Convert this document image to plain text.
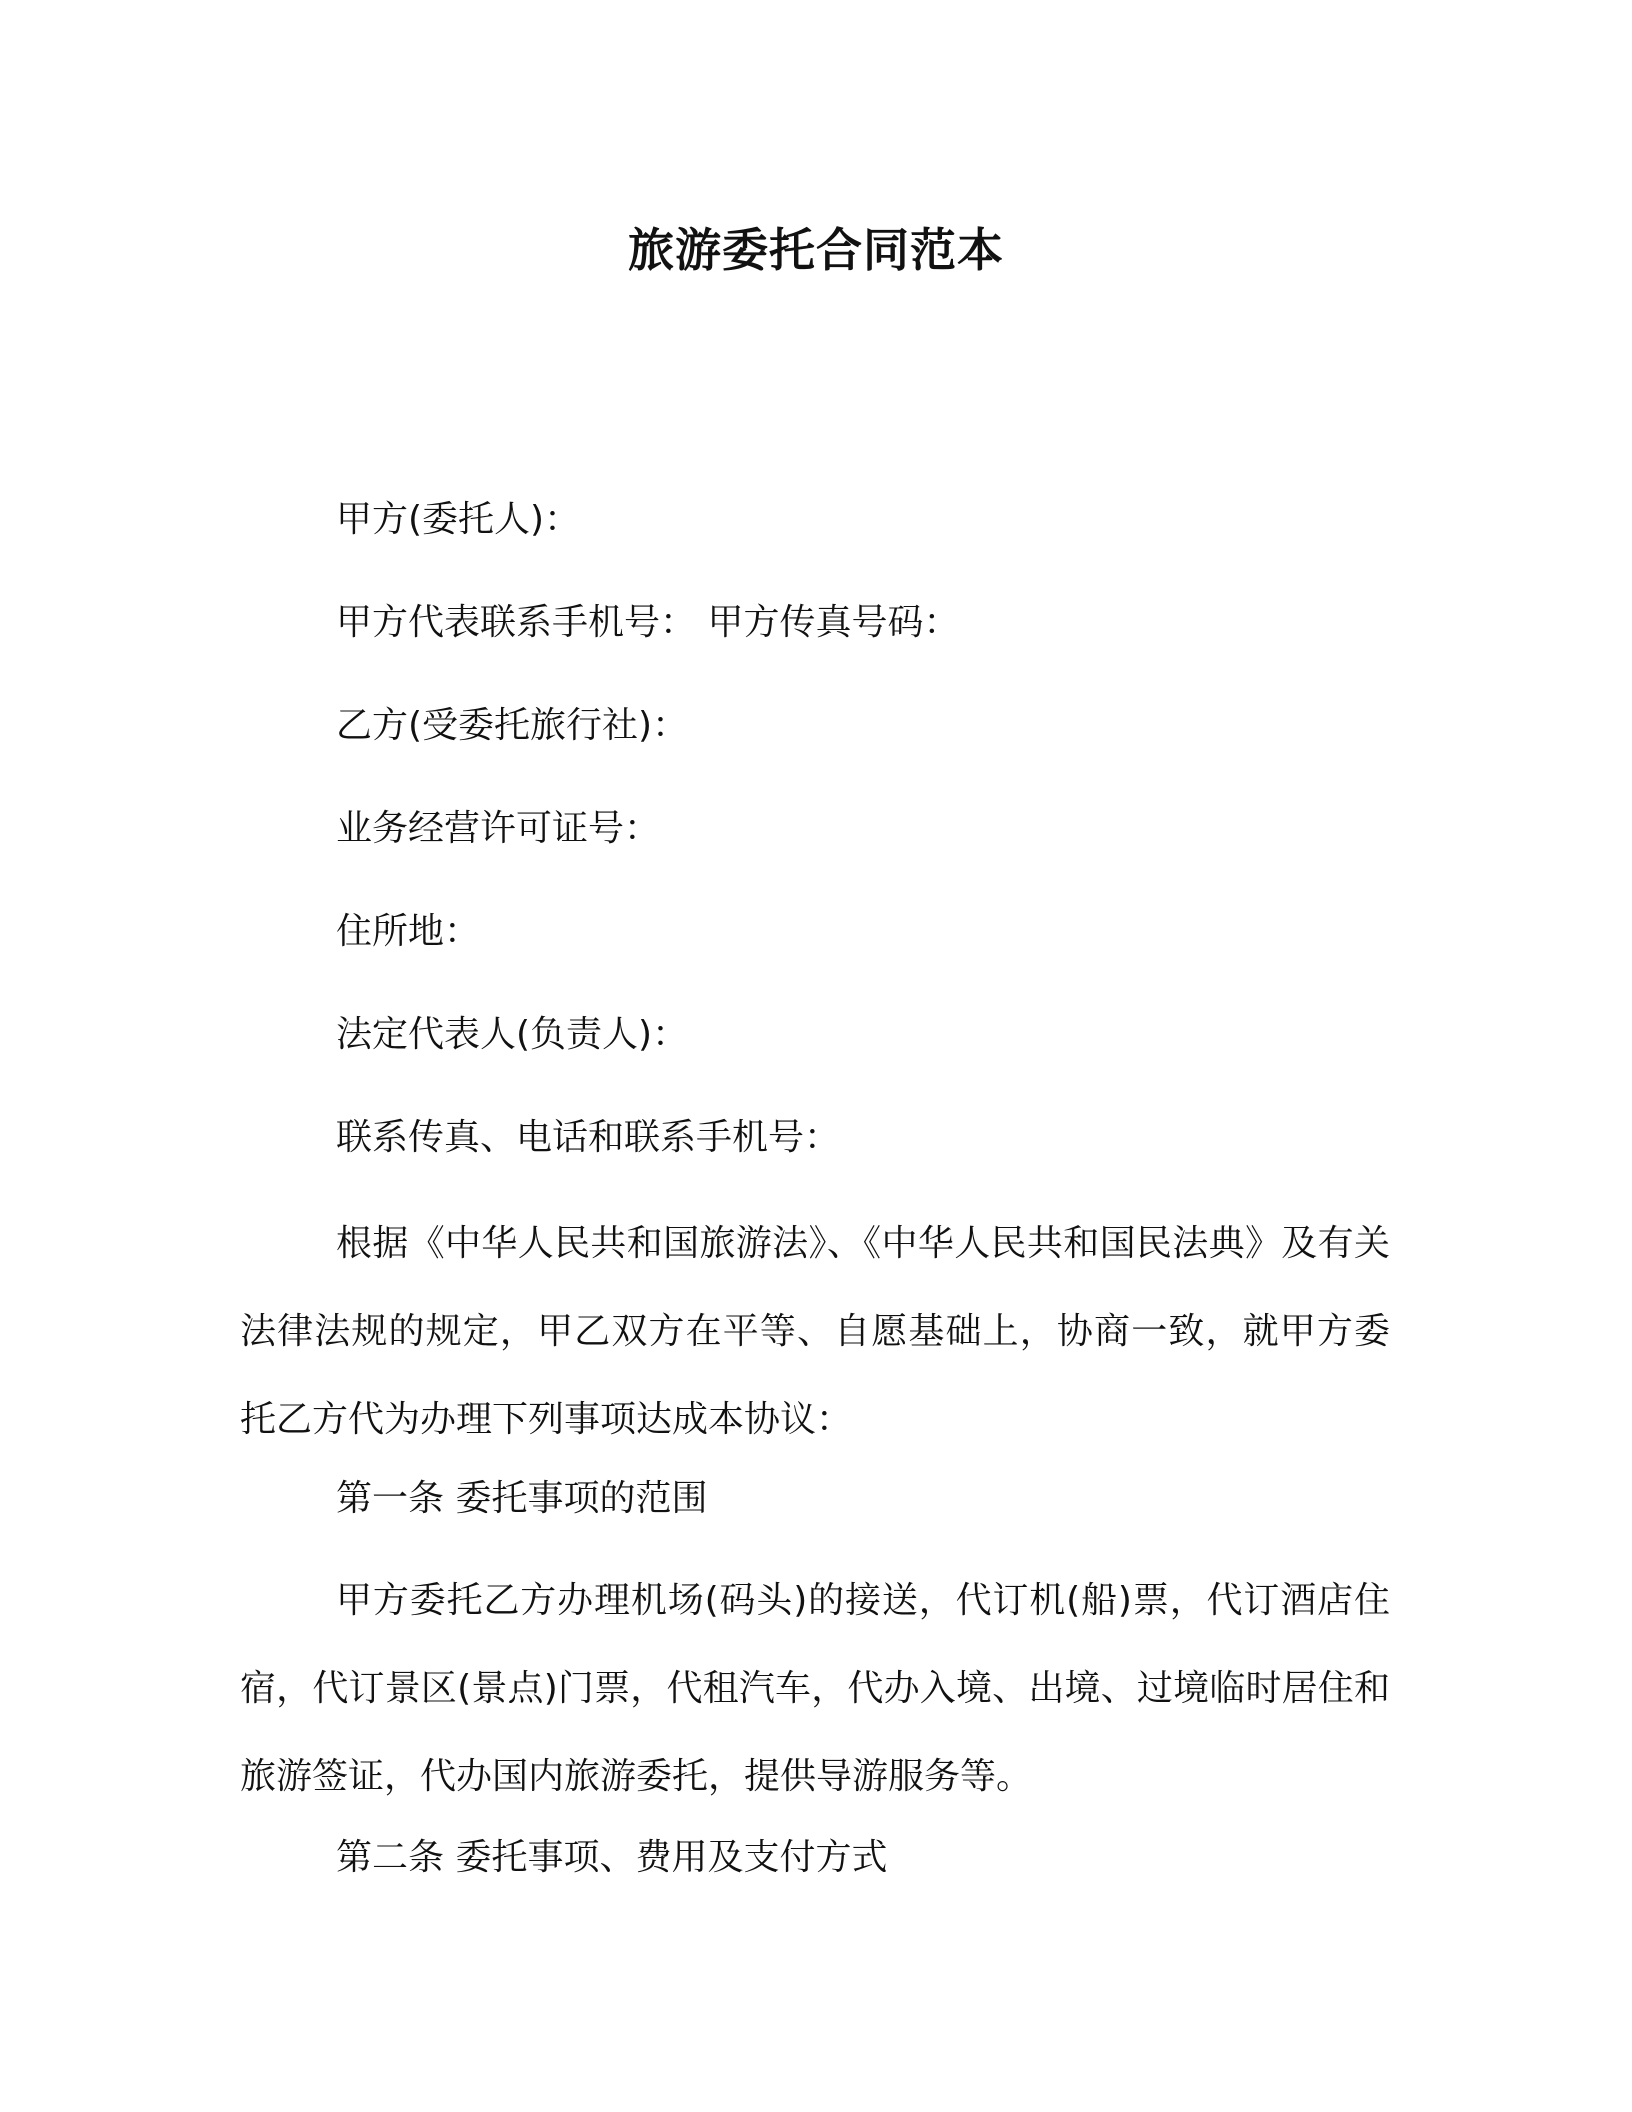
旅游委托合同范本
甲方(委托人)：
甲方代表联系手机号： 甲方传真号码：
乙方(受委托旅行社)：
业务经营许可证号：
住所地：
法定代表人(负责人)：
联系传真、电话和联系手机号：
根据《中华人民共和国旅游法》、《中华人民共和国民法典》及有关法律法规的规定，甲乙双方在平等、自愿基础上，协商一致，就甲方委托乙方代为办理下列事项达成本协议：
第一条 委托事项的范围
甲方委托乙方办理机场(码头)的接送，代订机(船)票，代订酒店住宿，代订景区(景点)门票，代租汽车，代办入境、出境、过境临时居住和旅游签证，代办国内旅游委托，提供导游服务等。
第二条 委托事项、费用及支付方式
